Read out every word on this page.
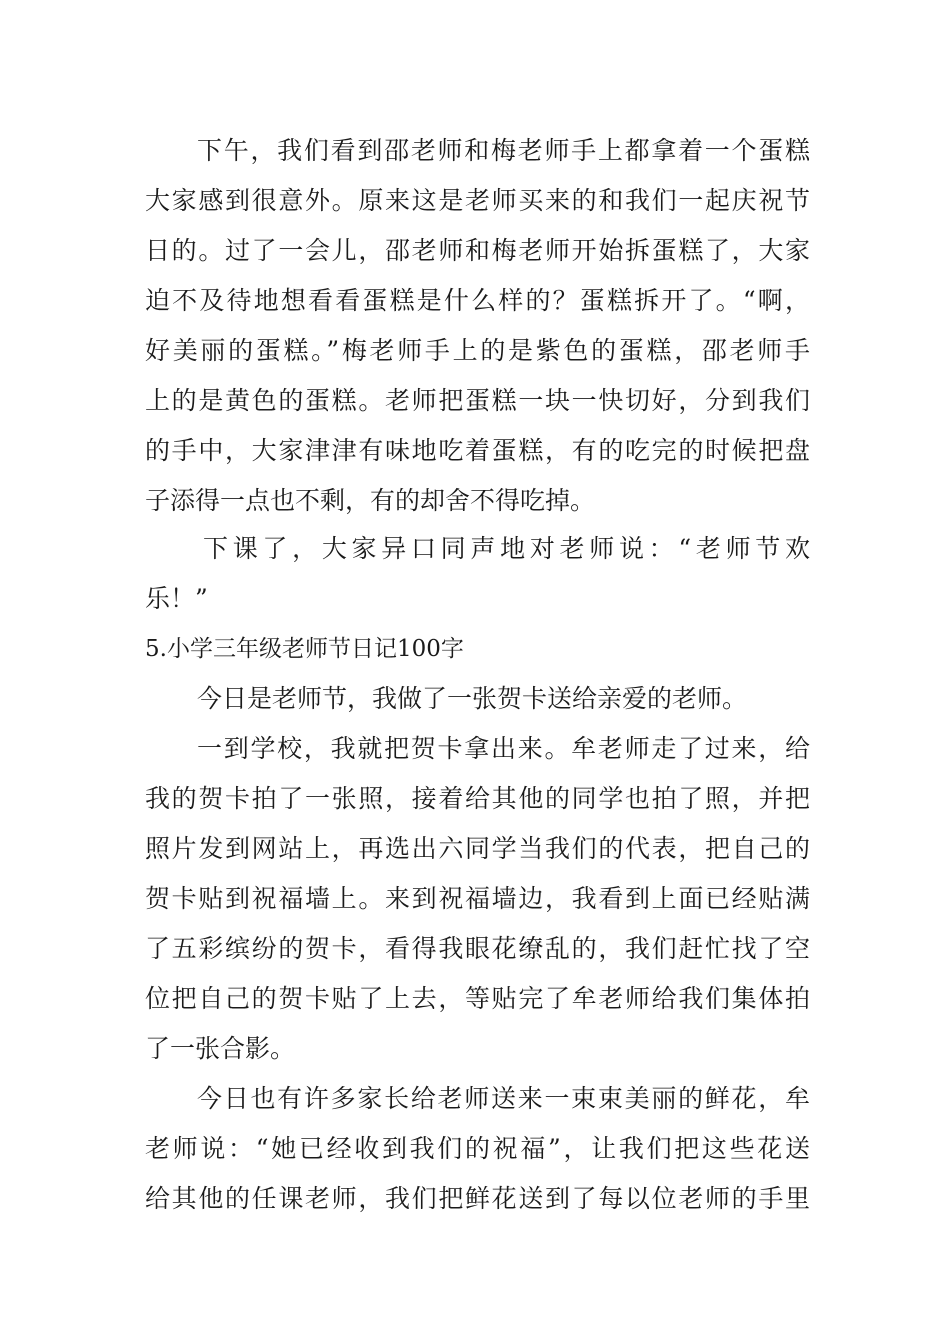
下午，我们看到邵老师和梅老师手上都拿着一个蛋糕
大家感到很意外。原来这是老师买来的和我们一起庆祝节
日的。过了一会儿，邵老师和梅老师开始拆蛋糕了，大家
迫不及待地想看看蛋糕是什么样的？蛋糕拆开了。“啊，
好美丽的蛋糕。”梅老师手上的是紫色的蛋糕，邵老师手
上的是黄色的蛋糕。老师把蛋糕一块一快切好，分到我们
的手中，大家津津有味地吃着蛋糕，有的吃完的时候把盘
子添得一点也不剩，有的却舍不得吃掉。
下课了，大家异口同声地对老师说：“老师节欢
乐！”
5.小学三年级老师节日记100字
今日是老师节，我做了一张贺卡送给亲爱的老师。
一到学校，我就把贺卡拿出来。牟老师走了过来，给
我的贺卡拍了一张照，接着给其他的同学也拍了照，并把
照片发到网站上，再选出六同学当我们的代表，把自己的
贺卡贴到祝福墙上。来到祝福墙边，我看到上面已经贴满
了五彩缤纷的贺卡，看得我眼花缭乱的，我们赶忙找了空
位把自己的贺卡贴了上去，等贴完了牟老师给我们集体拍
了一张合影。
今日也有许多家长给老师送来一束束美丽的鲜花，牟
老师说：“她已经收到我们的祝福”，让我们把这些花送
给其他的任课老师，我们把鲜花送到了每以位老师的手里
